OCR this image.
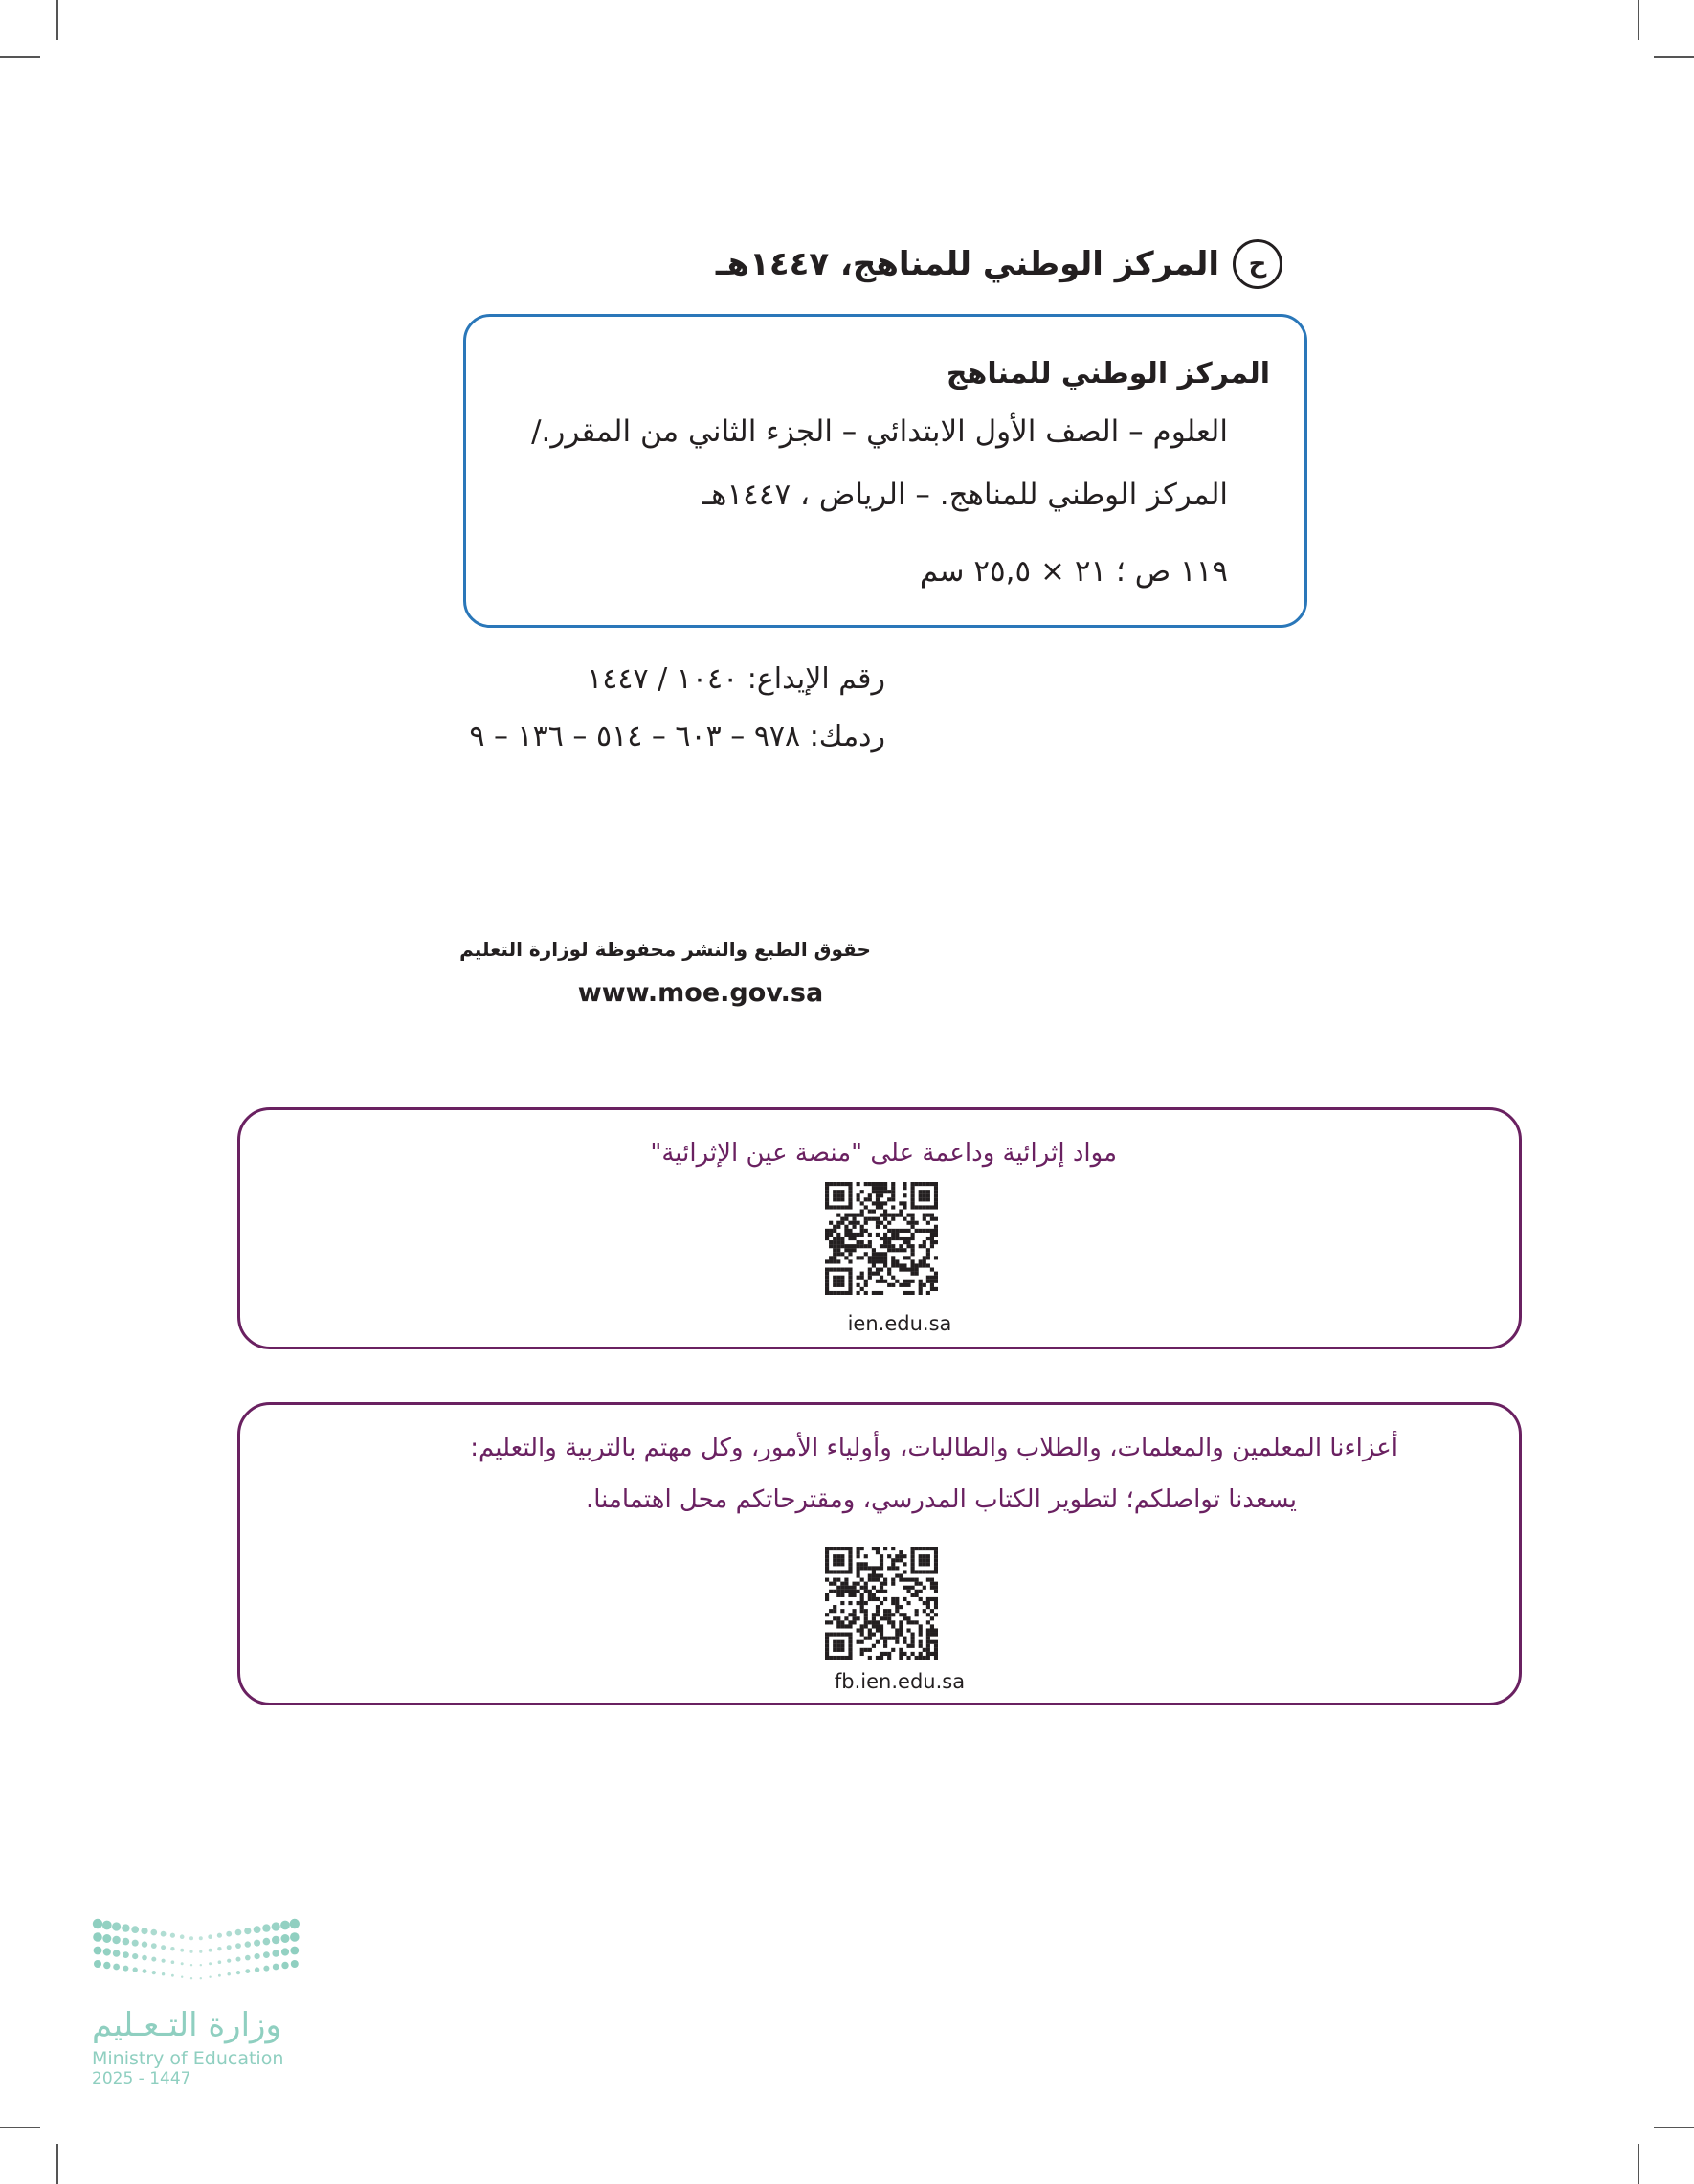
ح
المركز الوطني للمناهج، ١٤٤٧هـ
المركز الوطني للمناهج
العلوم – الصف الأول الابتدائي – الجزء الثاني من المقرر./
المركز الوطني للمناهج. – الرياض ، ١٤٤٧هـ
١١٩ ص ؛ ٢١ × ٢٥,٥ سم
رقم الإيداع: ١٠٤٠ / ١٤٤٧
ردمك: ٩٧٨ – ٦٠٣ – ٥١٤ – ١٣٦ – ٩
حقوق الطبع والنشر محفوظة لوزارة التعليم
www.moe.gov.sa
مواد إثرائية وداعمة على "منصة عين الإثرائية"
ien.edu.sa
أعزاءنا المعلمين والمعلمات، والطلاب والطالبات، وأولياء الأمور، وكل مهتم بالتربية والتعليم:
يسعدنا تواصلكم؛ لتطوير الكتاب المدرسي، ومقترحاتكم محل اهتمامنا.
fb.ien.edu.sa
وزارة التـعـليم
Ministry of Education
2025 - 1447
